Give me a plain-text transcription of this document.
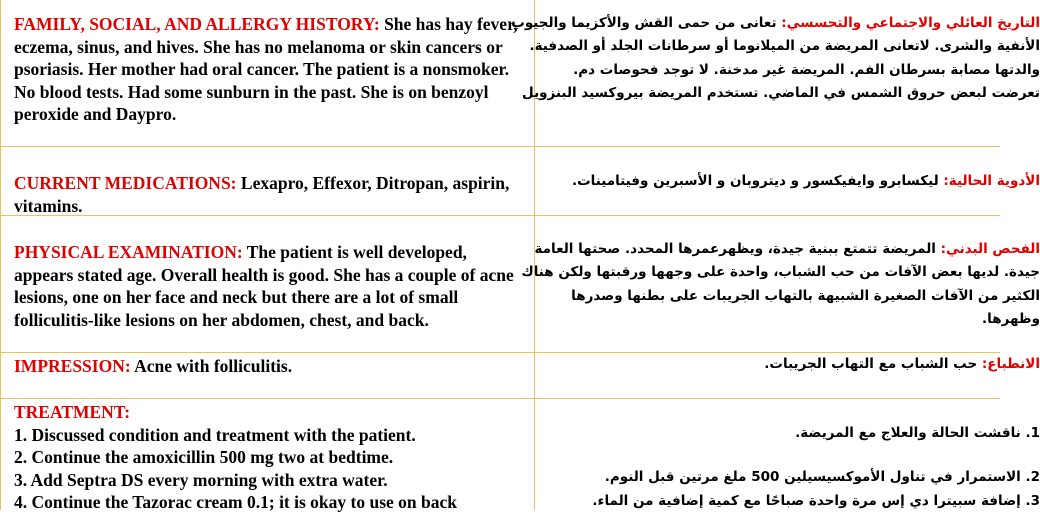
FAMILY, SOCIAL, AND ALLERGY HISTORY: She has hay fever, eczema, sinus, and hives. She has no melanoma or skin cancers or psoriasis. Her mother had oral cancer. The patient is a nonsmoker. No blood tests. Had some sunburn in the past. She is on benzoyl peroxide and Daypro.
التاريخ العائلي والاجتماعي والتحسسي: تعانى من حمى القش والأكزيما والجيوب
الأنفية والشرى. لاتعانى المريضة من الميلانوما أو سرطانات الجلد أو الصدفية.
والدتها مصابة بسرطان الفم. المريضة غير مدخنة. لا توجد فحوصات دم.
تعرضت لبعض حروق الشمس في الماضي. تستخدم المريضة بيروكسيد البنزويل
CURRENT MEDICATIONS: Lexapro, Effexor, Ditropan, aspirin, vitamins.
الأدوية الحالية: ليكسابرو وايفيكسور و ديتروبان و الأسبرين وفيتامينات.
PHYSICAL EXAMINATION: The patient is well developed, appears stated age. Overall health is good. She has a couple of acne lesions, one on her face and neck but there are a lot of small folliculitis-like lesions on her abdomen, chest, and back.
الفحص البدني: المريضة تتمتع ببنية جيدة، ويظهرعمرها المحدد. صحتها العامة
جيدة. لديها بعض الآفات من حب الشباب، واحدة على وجهها ورقبتها ولكن هناك
الكثير من الآفات الصغيرة الشبيهة بالتهاب الجريبات على بطنها وصدرها
وظهرها.
IMPRESSION: Acne with folliculitis.	الانطباع: حب الشباب مع التهاب الجريبات.
TREATMENT:
1. Discussed condition and treatment with the patient.
2. Continue the amoxicillin 500 mg two at bedtime.
3. Add Septra DS every morning with extra water.
4. Continue the Tazorac cream 0.1; it is okay to use on back
1. ناقشت الحالة والعلاج مع المريضة.
2. الاستمرار في تناول الأموكسيسيلين 500 ملغ مرتين قبل النوم.
3. إضافة سبيترا دي إس مرة واحدة صباحًا مع كمية إضافية من الماء.
